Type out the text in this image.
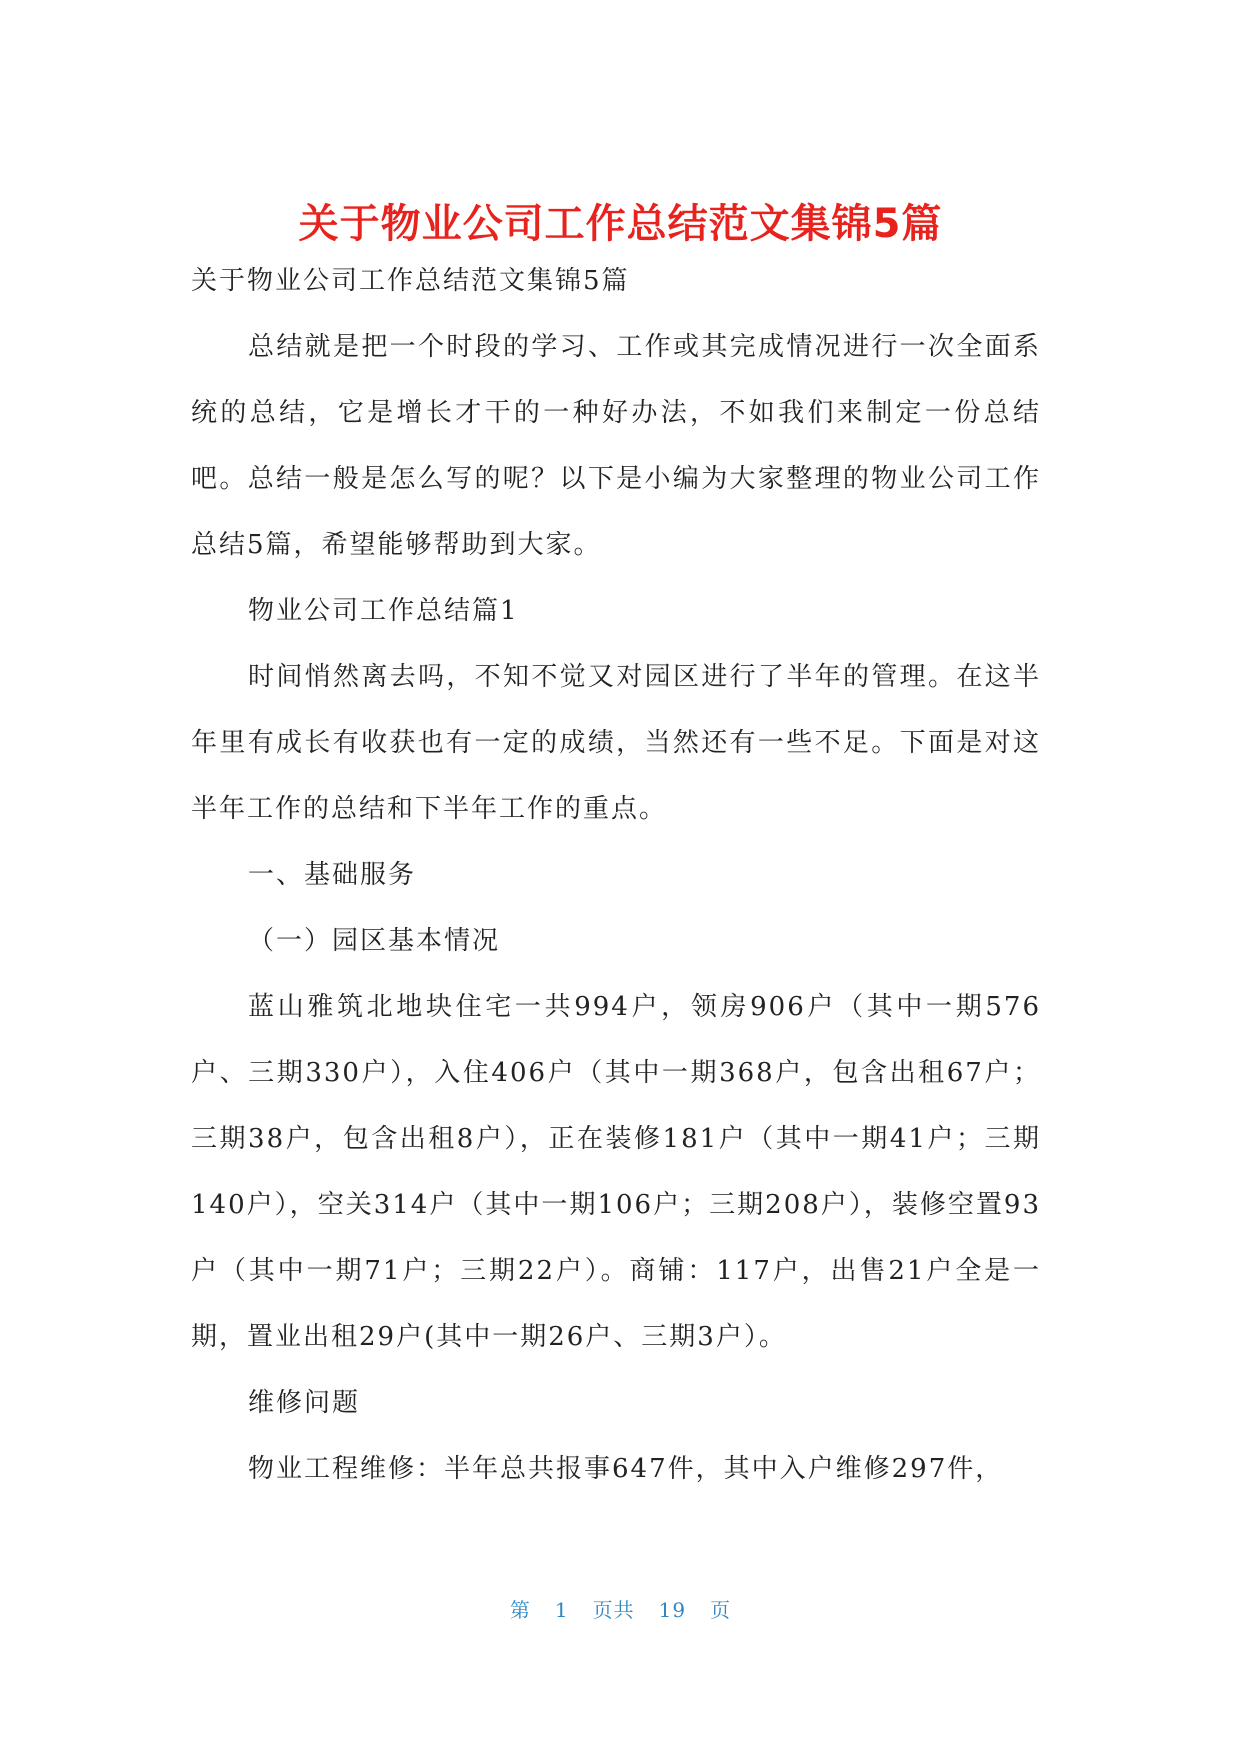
关于物业公司工作总结范文集锦5篇

关于物业公司工作总结范文集锦5篇

总结就是把一个时段的学习、工作或其完成情况进行一次全面系统的总结，它是增长才干的一种好办法，不如我们来制定一份总结吧。总结一般是怎么写的呢？以下是小编为大家整理的物业公司工作总结5篇，希望能够帮助到大家。

物业公司工作总结篇1

时间悄然离去吗，不知不觉又对园区进行了半年的管理。在这半年里有成长有收获也有一定的成绩，当然还有一些不足。下面是对这半年工作的总结和下半年工作的重点。

一、基础服务

（一）园区基本情况

蓝山雅筑北地块住宅一共994户，领房906户（其中一期576户、三期330户），入住406户（其中一期368户，包含出租67户；三期38户，包含出租8户），正在装修181户（其中一期41户；三期140户），空关314户（其中一期106户；三期208户），装修空置93户（其中一期71户；三期22户）。商铺：117户，出售21户全是一期，置业出租29户(其中一期26户、三期3户）。

维修问题

物业工程维修：半年总共报事647件，其中入户维修297件，

第 1 页共 19 页
